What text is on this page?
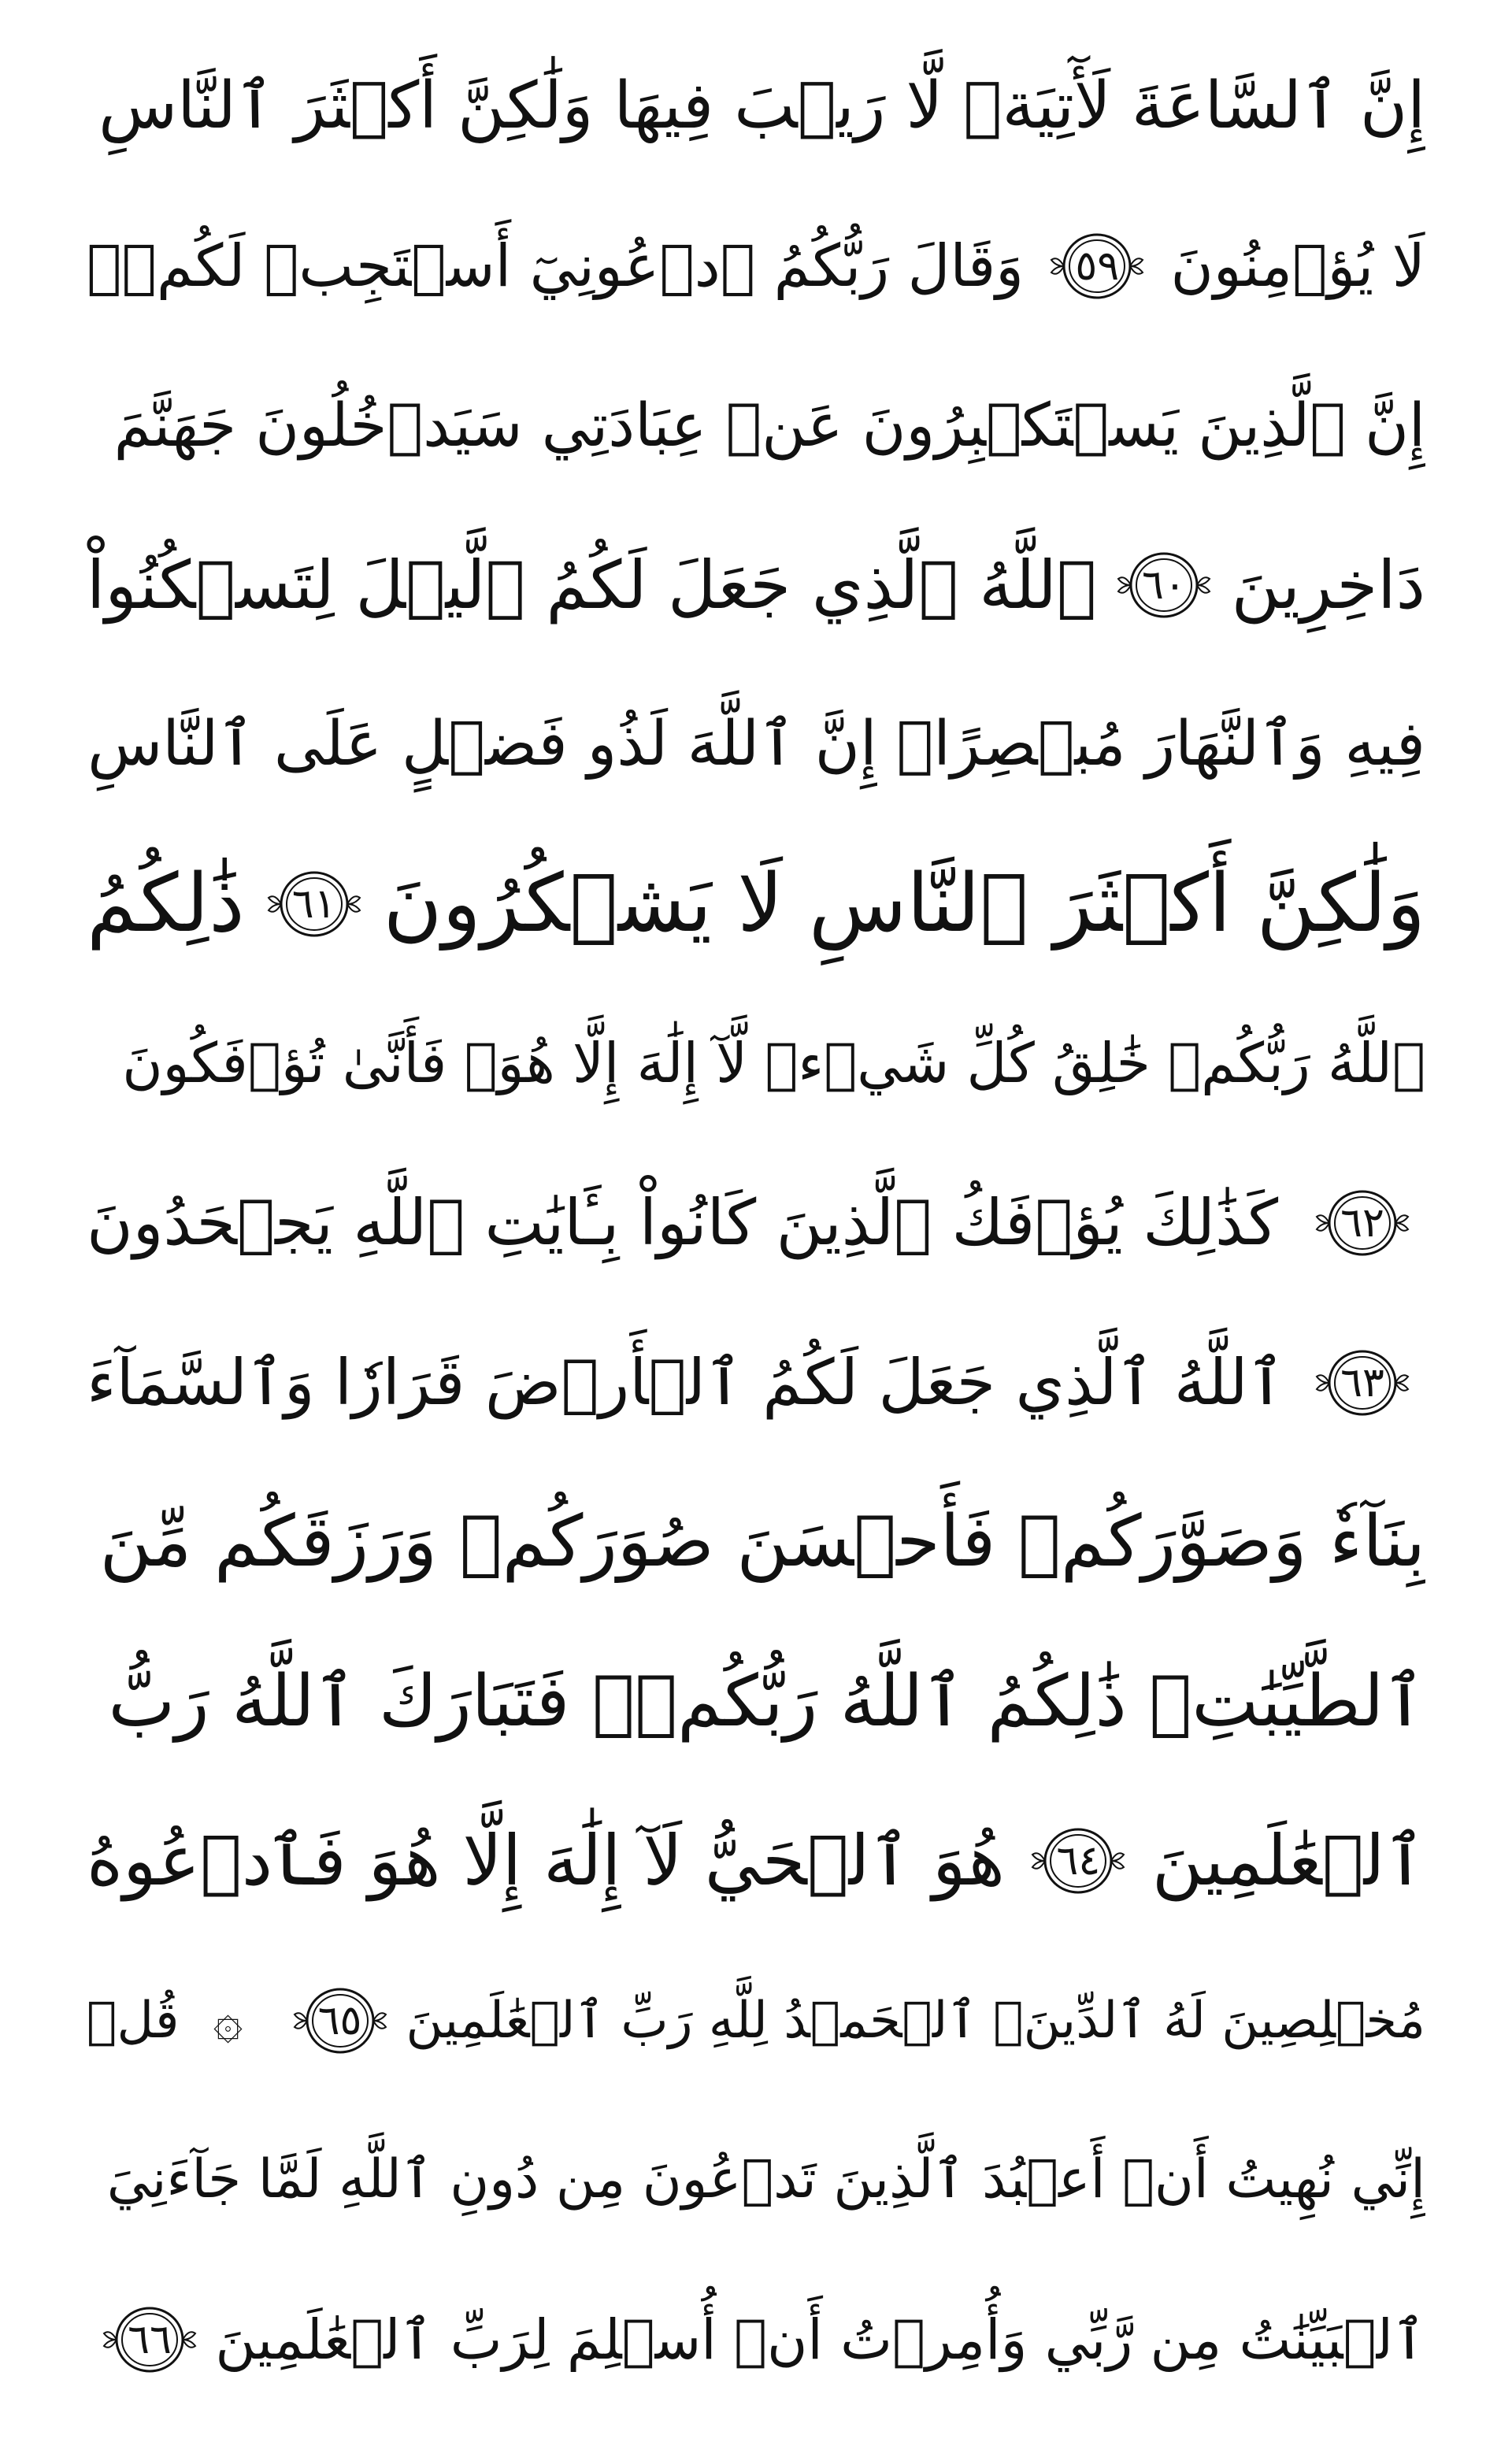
إِنَّ ٱلسَّاعَةَ لَأٓتِيَةٞ لَّا رَيۡبَ فِيهَا وَلَٰكِنَّ أَكۡثَرَ ٱلنَّاسِ
لَا يُؤۡمِنُونَ
٥٩
وَقَالَ رَبُّكُمُ ٱدۡعُونِيٓ أَسۡتَجِبۡ لَكُمۡۚ
إِنَّ ٱلَّذِينَ يَسۡتَكۡبِرُونَ عَنۡ عِبَادَتِي سَيَدۡخُلُونَ جَهَنَّمَ
دَاخِرِينَ
٦٠
ٱللَّهُ ٱلَّذِي جَعَلَ لَكُمُ ٱلَّيۡلَ لِتَسۡكُنُواْ
فِيهِ وَٱلنَّهَارَ مُبۡصِرًاۚ إِنَّ ٱللَّهَ لَذُو فَضۡلٍ عَلَى ٱلنَّاسِ
وَلَٰكِنَّ أَكۡثَرَ ٱلنَّاسِ لَا يَشۡكُرُونَ
٦١
ذَٰلِكُمُ
ٱللَّهُ رَبُّكُمۡ خَٰلِقُ كُلِّ شَيۡءٖ لَّآ إِلَٰهَ إِلَّا هُوَۖ فَأَنَّىٰ تُؤۡفَكُونَ
٦٢
كَذَٰلِكَ يُؤۡفَكُ ٱلَّذِينَ كَانُواْ بِـَٔايَٰتِ ٱللَّهِ يَجۡحَدُونَ
٦٣
ٱللَّهُ ٱلَّذِي جَعَلَ لَكُمُ ٱلۡأَرۡضَ قَرَارٗا وَٱلسَّمَآءَ
بِنَآءٗ وَصَوَّرَكُمۡ فَأَحۡسَنَ صُوَرَكُمۡ وَرَزَقَكُم مِّنَ
ٱلطَّيِّبَٰتِۚ ذَٰلِكُمُ ٱللَّهُ رَبُّكُمۡۖ فَتَبَارَكَ ٱللَّهُ رَبُّ
ٱلۡعَٰلَمِينَ
٦٤
هُوَ ٱلۡحَيُّ لَآ إِلَٰهَ إِلَّا هُوَ فَٱدۡعُوهُ
مُخۡلِصِينَ لَهُ ٱلدِّينَۗ ٱلۡحَمۡدُ لِلَّهِ رَبِّ ٱلۡعَٰلَمِينَ
٦٥
۞
قُلۡ
إِنِّي نُهِيتُ أَنۡ أَعۡبُدَ ٱلَّذِينَ تَدۡعُونَ مِن دُونِ ٱللَّهِ لَمَّا جَآءَنِيَ
ٱلۡبَيِّنَٰتُ مِن رَّبِّي وَأُمِرۡتُ أَنۡ أُسۡلِمَ لِرَبِّ ٱلۡعَٰلَمِينَ
٦٦
